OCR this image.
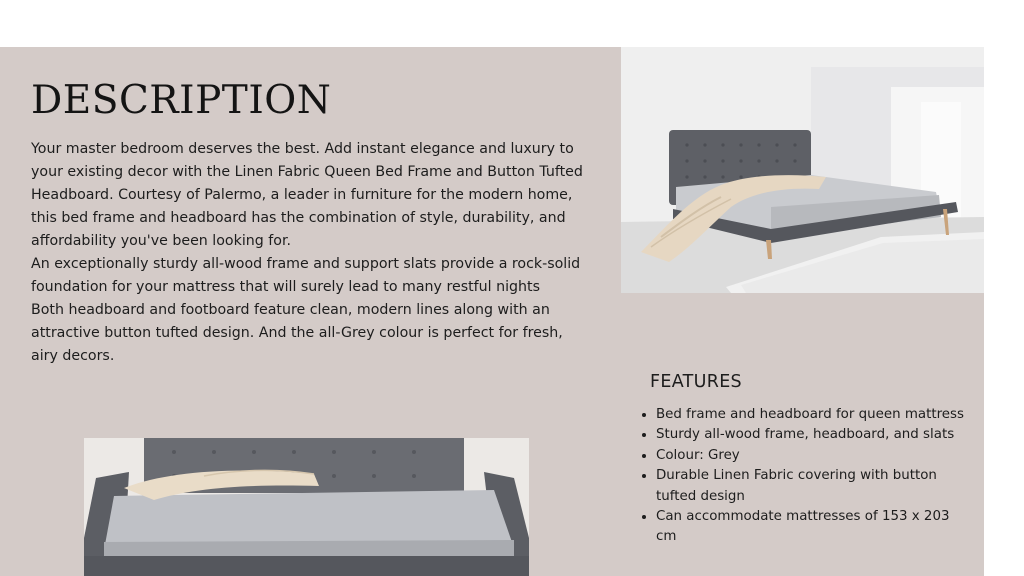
DESCRIPTION

Your master bedroom deserves the best. Add instant elegance and luxury to your existing decor with the Linen Fabric Queen Bed Frame and Button Tufted Headboard. Courtesy of Palermo, a leader in furniture for the modern home, this bed frame and headboard has the combination of style, durability, and affordability you've been looking for.

An exceptionally sturdy all-wood frame and support slats provide a rock-solid foundation for your mattress that will surely lead to many restful nights

Both headboard and footboard feature clean, modern lines along with an attractive button tufted design. And the all-Grey colour is perfect for fresh, airy decors.

FEATURES
• Bed frame and headboard for queen mattress
• Sturdy all-wood frame, headboard, and slats
• Colour: Grey
• Durable Linen Fabric covering with button tufted design
• Can accommodate mattresses of 153 x 203 cm
